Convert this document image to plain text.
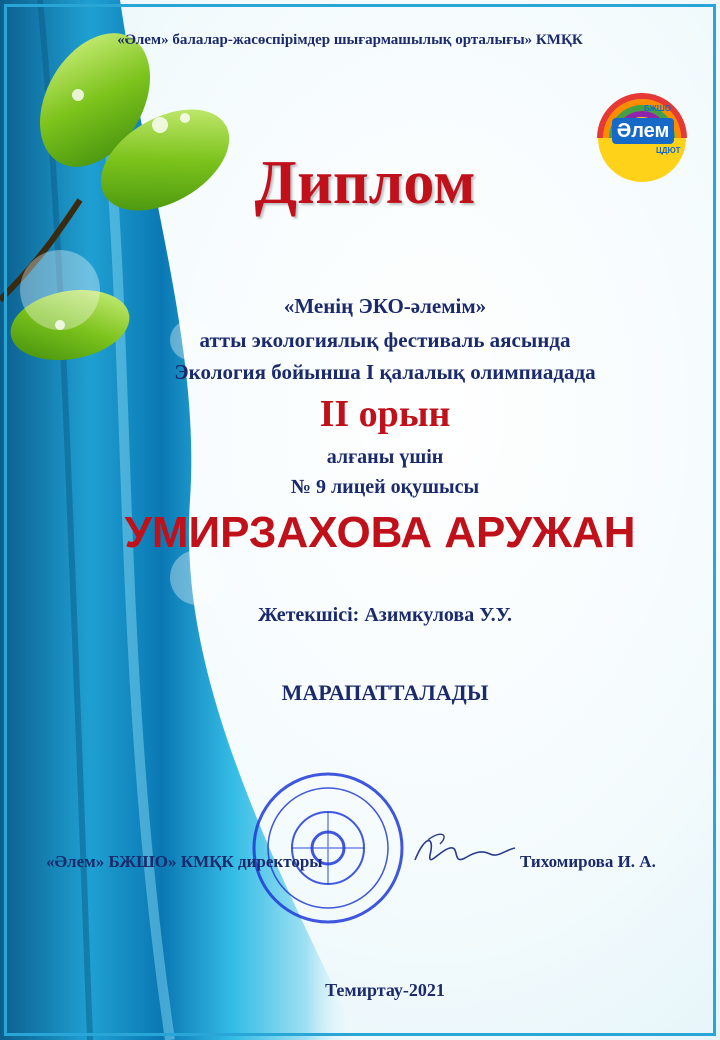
«Әлем» балалар-жасөспірімдер шығармашылық орталығы» КМҚК
БЖШО
Әлем
ЦДЮТ
Диплом
«Менің ЭКО-әлемім»
атты экологиялық фестиваль аясында
Экология бойынша I қалалық олимпиадада
II орын
алғаны үшін
№ 9 лицей оқушысы
УМИРЗАХОВА АРУЖАН
Жетекшісі: Азимкулова У.У.
МАРАПАТТАЛАДЫ
«Әлем» БЖШО» КМҚК директоры	Тихомирова И. А.
Темиртау-2021
